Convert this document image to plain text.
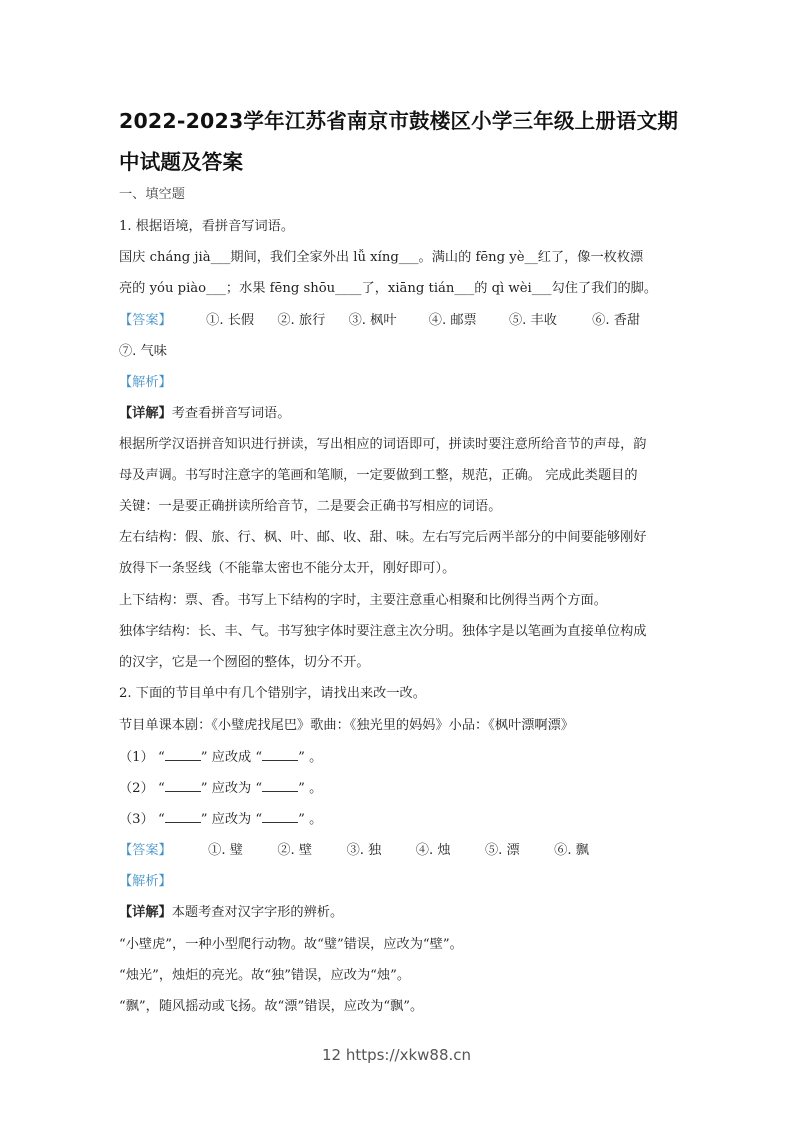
2022-2023学年江苏省南京市鼓楼区小学三年级上册语文期
中试题及答案
一、填空题
1. 根据语境，看拼音写词语。
国庆 cháng jià___期间，我们全家外出 lǚ xíng___。满山的 fēng yè__红了，像一枚枚漂
亮的 yóu piào___；水果 fēng shōu____了，xiāng tián___的 qì wèi___勾住了我们的脚。
【答案】	①. 长假 ②. 旅行 ③. 枫叶 ④. 邮票 ⑤. 丰收	⑥. 香甜
⑦. 气味
【解析】
【详解】考查看拼音写词语。
根据所学汉语拼音知识进行拼读，写出相应的词语即可，拼读时要注意所给音节的声母，韵
母及声调。书写时注意字的笔画和笔顺，一定要做到工整，规范，正确。 完成此类题目的
关键：一是要正确拼读所给音节，二是要会正确书写相应的词语。
左右结构：假、旅、行、枫、叶、邮、收、甜、味。左右写完后两半部分的中间要能够刚好
放得下一条竖线（不能靠太密也不能分太开，刚好即可）。
上下结构：票、香。书写上下结构的字时，主要注意重心相聚和比例得当两个方面。
独体字结构：长、丰、气。书写独字体时要注意主次分明。独体字是以笔画为直接单位构成
的汉字，它是一个囫囵的整体，切分不开。
2. 下面的节目单中有几个错别字，请找出来改一改。
节目单课本剧：《小璧虎找尾巴》歌曲：《独光里的妈妈》小品：《枫叶漂啊漂》
（1） “	” 应改成 “	” 。
（2） “	” 应改为 “	” 。
（3） “	” 应改为 “	” 。
【答案】	①. 璧	②. 壁	③. 独	④. 烛	⑤. 漂	⑥. 飘
【解析】
【详解】本题考查对汉字字形的辨析。
“小壁虎”，一种小型爬行动物。故“璧”错误，应改为“壁”。
“烛光”，烛炬的亮光。故“独”错误，应改为“烛”。
“飘”，随风摇动或飞扬。故“漂”错误，应改为“飘”。
12 https://xkw88.cn
